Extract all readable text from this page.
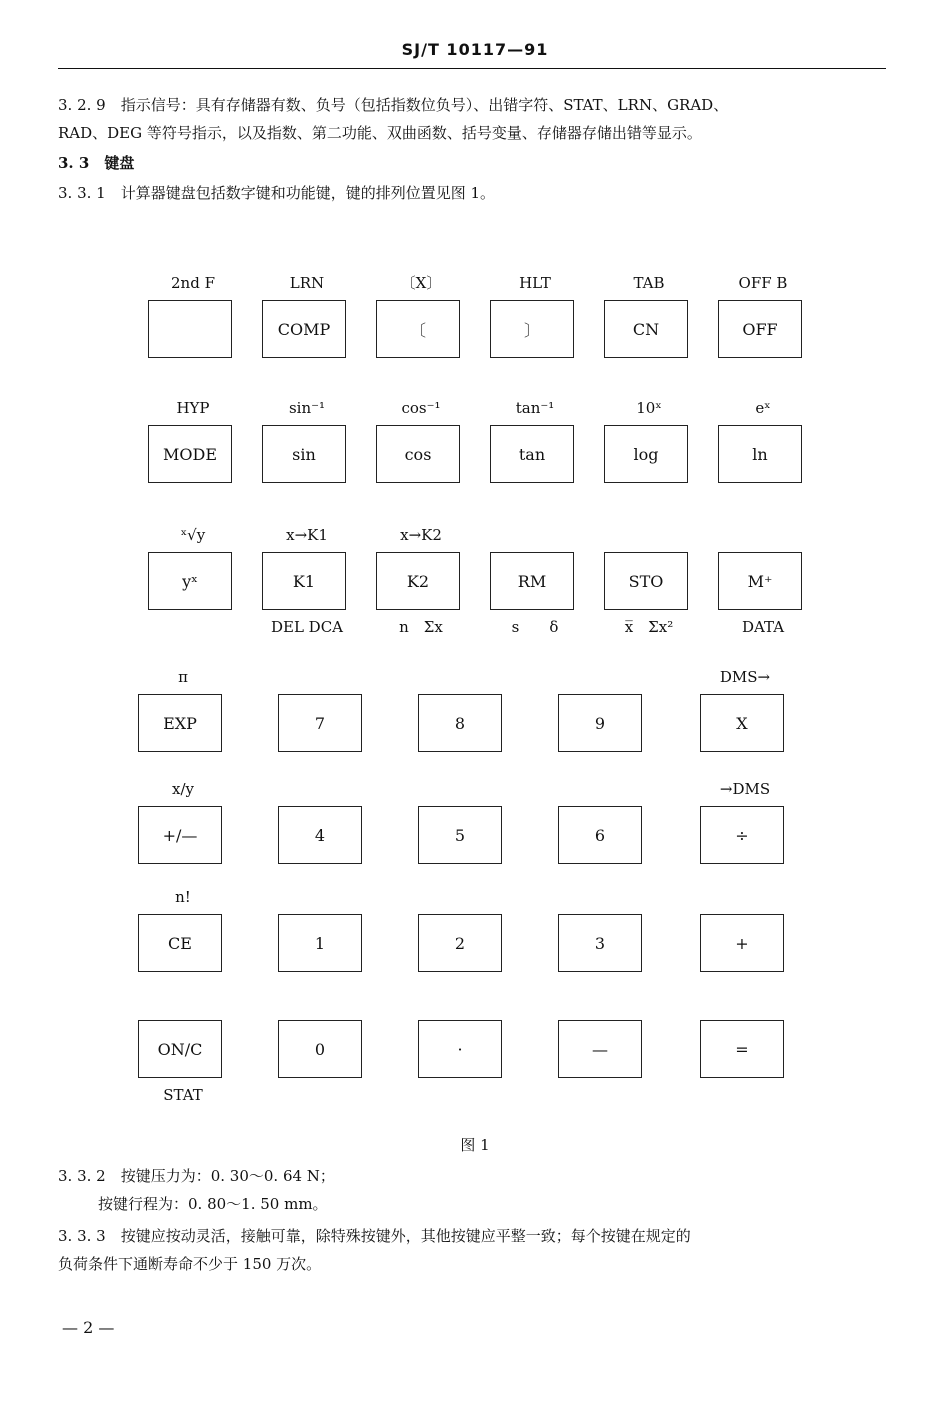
SJ/T 10117—91
3. 2. 9　指示信号：具有存储器有数、负号（包括指数位负号）、出错字符、STAT、LRN、GRAD、
RAD、DEG 等符号指示，以及指数、第二功能、双曲函数、括号变量、存储器存储出错等显示。
3. 3　键盘
3. 3. 1　计算器键盘包括数字键和功能键，键的排列位置见图 1。
2nd F	LRN
COMP
〔X〕
〔
HLT
〕
TAB
CN
OFF B
OFF
HYP
MODE
sin⁻¹
sin
cos⁻¹
cos
tan⁻¹
tan
10ˣ
log
eˣ
ln
ˣ√y
yˣ
x→K1
K1
DEL DCA
x→K2
K2
n　Σx
RM
s　　δ
STO
x̅　Σx²
M⁺
DATA
π
EXP	7	8	9
DMS→
X
x/y
+/—	4	5	6
→DMS
÷
n!
CE	1	2	3	+
ON/C
STAT
0	·	—	=
图 1
3. 3. 2　按键压力为：0. 30～0. 64 N；
按键行程为：0. 80～1. 50 mm。
3. 3. 3　按键应按动灵活，接触可靠，除特殊按键外，其他按键应平整一致；每个按键在规定的
负荷条件下通断寿命不少于 150 万次。
— 2 —
